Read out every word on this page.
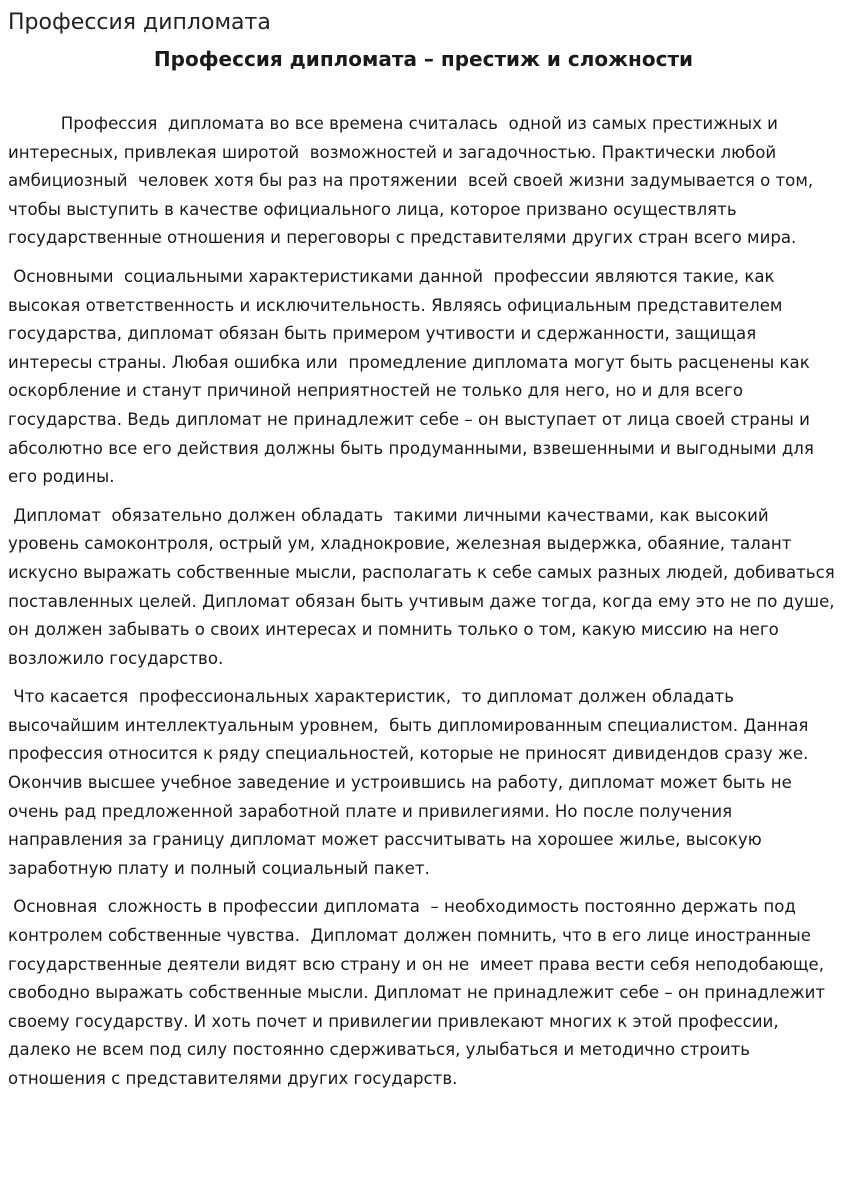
Профессия дипломата
Профессия дипломата – престиж и сложности

Профессия  дипломата во все времена считалась  одной из самых престижных и интересных, привлекая широтой  возможностей и загадочностью. Практически любой амбициозный  человек хотя бы раз на протяжении  всей своей жизни задумывается о том, чтобы выступить в качестве официального лица, которое призвано осуществлять государственные отношения и переговоры с представителями других стран всего мира.

Основными  социальными характеристиками данной  профессии являются такие, как высокая ответственность и исключительность. Являясь официальным представителем государства, дипломат обязан быть примером учтивости и сдержанности, защищая интересы страны. Любая ошибка или  промедление дипломата могут быть расценены как оскорбление и станут причиной неприятностей не только для него, но и для всего государства. Ведь дипломат не принадлежит себе – он выступает от лица своей страны и абсолютно все его действия должны быть продуманными, взвешенными и выгодными для его родины.

Дипломат  обязательно должен обладать  такими личными качествами, как высокий уровень самоконтроля, острый ум, хладнокровие, железная выдержка, обаяние, талант искусно выражать собственные мысли, располагать к себе самых разных людей, добиваться поставленных целей. Дипломат обязан быть учтивым даже тогда, когда ему это не по душе, он должен забывать о своих интересах и помнить только о том, какую миссию на него возложило государство.

Что касается  профессиональных характеристик,  то дипломат должен обладать высочайшим интеллектуальным уровнем,  быть дипломированным специалистом. Данная профессия относится к ряду специальностей, которые не приносят дивидендов сразу же. Окончив высшее учебное заведение и устроившись на работу, дипломат может быть не очень рад предложенной заработной плате и привилегиями. Но после получения направления за границу дипломат может рассчитывать на хорошее жилье, высокую заработную плату и полный социальный пакет.

Основная  сложность в профессии дипломата  – необходимость постоянно держать под контролем собственные чувства.  Дипломат должен помнить, что в его лице иностранные государственные деятели видят всю страну и он не  имеет права вести себя неподобающе, свободно выражать собственные мысли. Дипломат не принадлежит себе – он принадлежит своему государству. И хоть почет и привилегии привлекают многих к этой профессии, далеко не всем под силу постоянно сдерживаться, улыбаться и методично строить отношения с представителями других государств.
